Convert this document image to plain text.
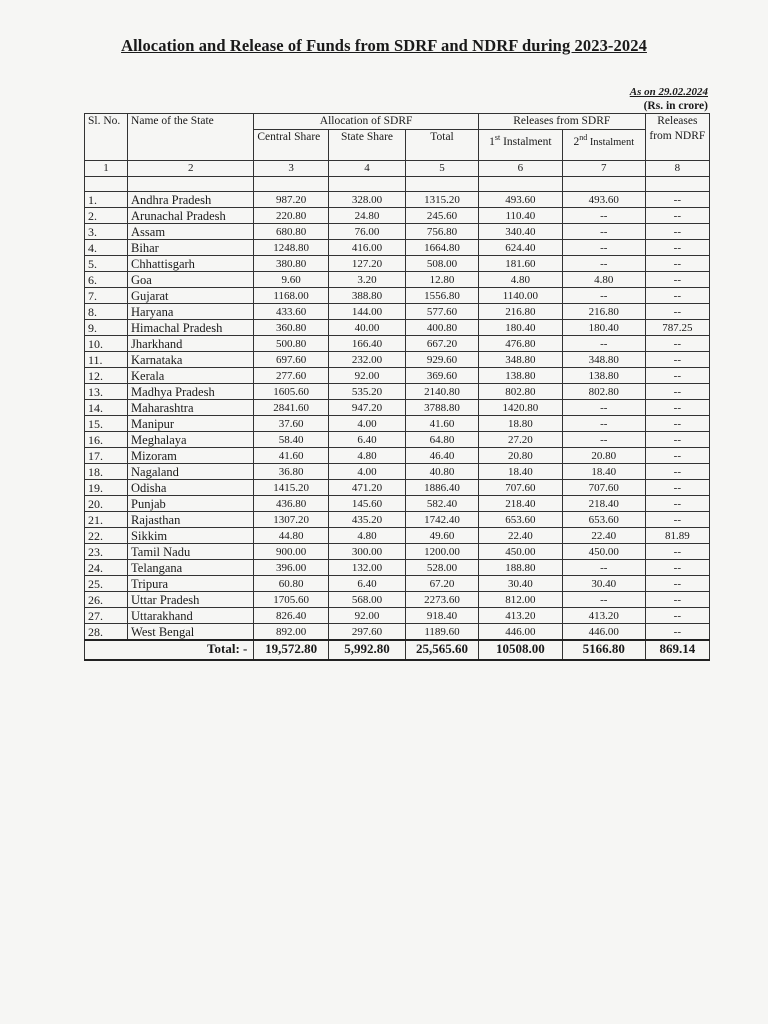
Allocation and Release of Funds from SDRF and NDRF during 2023-2024
As on 29.02.2024
(Rs. in crore)
Sl. No.	Name of the State	Allocation of SDRF			Releases from SDRF		Releases from NDRF
		Central Share	State Share	Total	1st Instalment	2nd Instalment	
1	2	3	4	5	6	7	8

1.	Andhra Pradesh	987.20	328.00	1315.20	493.60	493.60	--
2.	Arunachal Pradesh	220.80	24.80	245.60	110.40	--	--
3.	Assam	680.80	76.00	756.80	340.40	--	--
4.	Bihar	1248.80	416.00	1664.80	624.40	--	--
5.	Chhattisgarh	380.80	127.20	508.00	181.60	--	--
6.	Goa	9.60	3.20	12.80	4.80	4.80	--
7.	Gujarat	1168.00	388.80	1556.80	1140.00	--	--
8.	Haryana	433.60	144.00	577.60	216.80	216.80	--
9.	Himachal Pradesh	360.80	40.00	400.80	180.40	180.40	787.25
10.	Jharkhand	500.80	166.40	667.20	476.80	--	--
11.	Karnataka	697.60	232.00	929.60	348.80	348.80	--
12.	Kerala	277.60	92.00	369.60	138.80	138.80	--
13.	Madhya Pradesh	1605.60	535.20	2140.80	802.80	802.80	--
14.	Maharashtra	2841.60	947.20	3788.80	1420.80	--	--
15.	Manipur	37.60	4.00	41.60	18.80	--	--
16.	Meghalaya	58.40	6.40	64.80	27.20	--	--
17.	Mizoram	41.60	4.80	46.40	20.80	20.80	--
18.	Nagaland	36.80	4.00	40.80	18.40	18.40	--
19.	Odisha	1415.20	471.20	1886.40	707.60	707.60	--
20.	Punjab	436.80	145.60	582.40	218.40	218.40	--
21.	Rajasthan	1307.20	435.20	1742.40	653.60	653.60	--
22.	Sikkim	44.80	4.80	49.60	22.40	22.40	81.89
23.	Tamil Nadu	900.00	300.00	1200.00	450.00	450.00	--
24.	Telangana	396.00	132.00	528.00	188.80	--	--
25.	Tripura	60.80	6.40	67.20	30.40	30.40	--
26.	Uttar Pradesh	1705.60	568.00	2273.60	812.00	--	--
27.	Uttarakhand	826.40	92.00	918.40	413.20	413.20	--
28.	West Bengal	892.00	297.60	1189.60	446.00	446.00	--
Total: -		19,572.80	5,992.80	25,565.60	10508.00	5166.80	869.14
